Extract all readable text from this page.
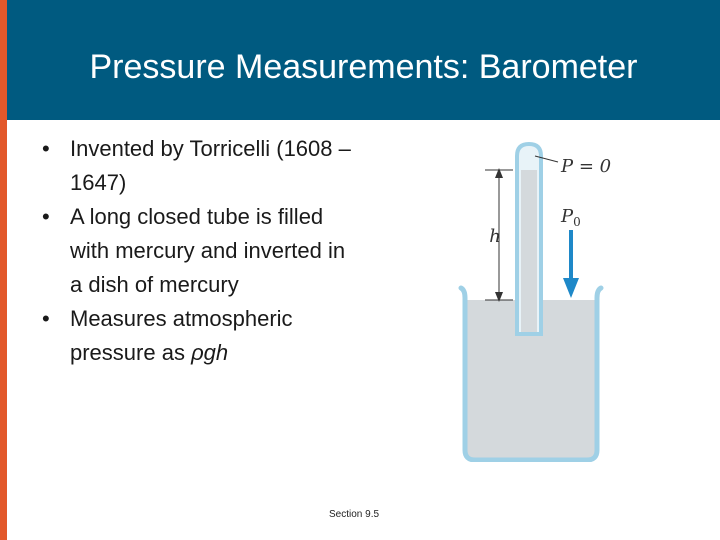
Pressure Measurements: Barometer
• Invented by Torricelli (1608 – 1647)
• A long closed tube is filled with mercury and inverted in a dish of mercury
• Measures atmospheric pressure as ρgh
h
P = 0
$P_0$
Section 9.5
